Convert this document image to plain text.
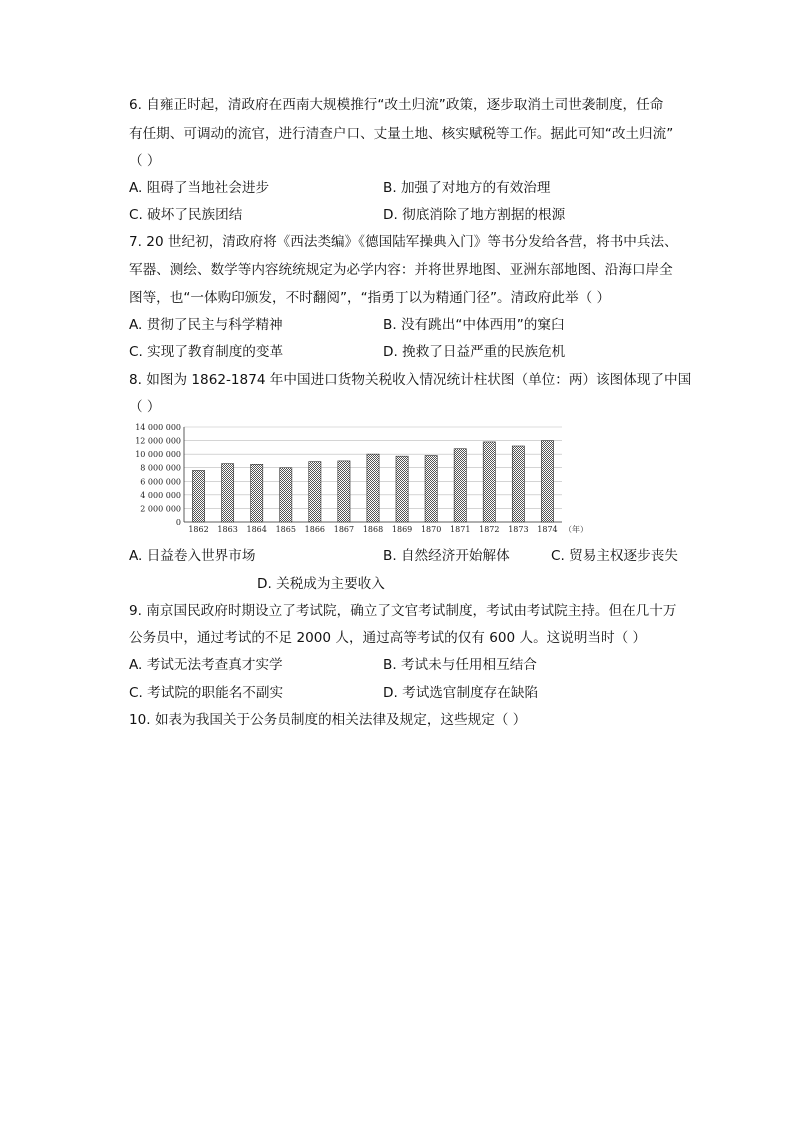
6. 自雍正时起，清政府在西南大规模推行“改土归流”政策，逐步取消土司世袭制度，任命
有任期、可调动的流官，进行清查户口、丈量土地、核实赋税等工作。据此可知“改土归流”
（ ）
A. 阻碍了当地社会进步	B. 加强了对地方的有效治理
C. 破坏了民族团结	D. 彻底消除了地方割据的根源
7. 20 世纪初，清政府将《西法类编》《德国陆军操典入门》等书分发给各营，将书中兵法、
军器、测绘、数学等内容统统规定为必学内容：并将世界地图、亚洲东部地图、沿海口岸全
图等，也“一体购印颁发，不时翻阅”，“指勇丁以为精通门径”。清政府此举（ ）
A. 贯彻了民主与科学精神	B. 没有跳出“中体西用”的窠臼
C. 实现了教育制度的变革	D. 挽救了日益严重的民族危机
8. 如图为 1862-1874 年中国进口货物关税收入情况统计柱状图（单位：两）该图体现了中国
（ ）
0
2 000 000
4 000 000
6 000 000
8 000 000
10 000 000
12 000 000
14 000 000
1862 1863 1864 1865 1866 1867 1868 1869 1870 1871 1872 1873 1874 （年）
A. 日益卷入世界市场	B. 自然经济开始解体	C. 贸易主权逐步丧失
D. 关税成为主要收入
9. 南京国民政府时期设立了考试院，确立了文官考试制度，考试由考试院主持。但在几十万
公务员中，通过考试的不足 2000 人，通过高等考试的仅有 600 人。这说明当时（ ）
A. 考试无法考查真才实学	B. 考试未与任用相互结合
C. 考试院的职能名不副实	D. 考试选官制度存在缺陷
10. 如表为我国关于公务员制度的相关法律及规定，这些规定（ ）
